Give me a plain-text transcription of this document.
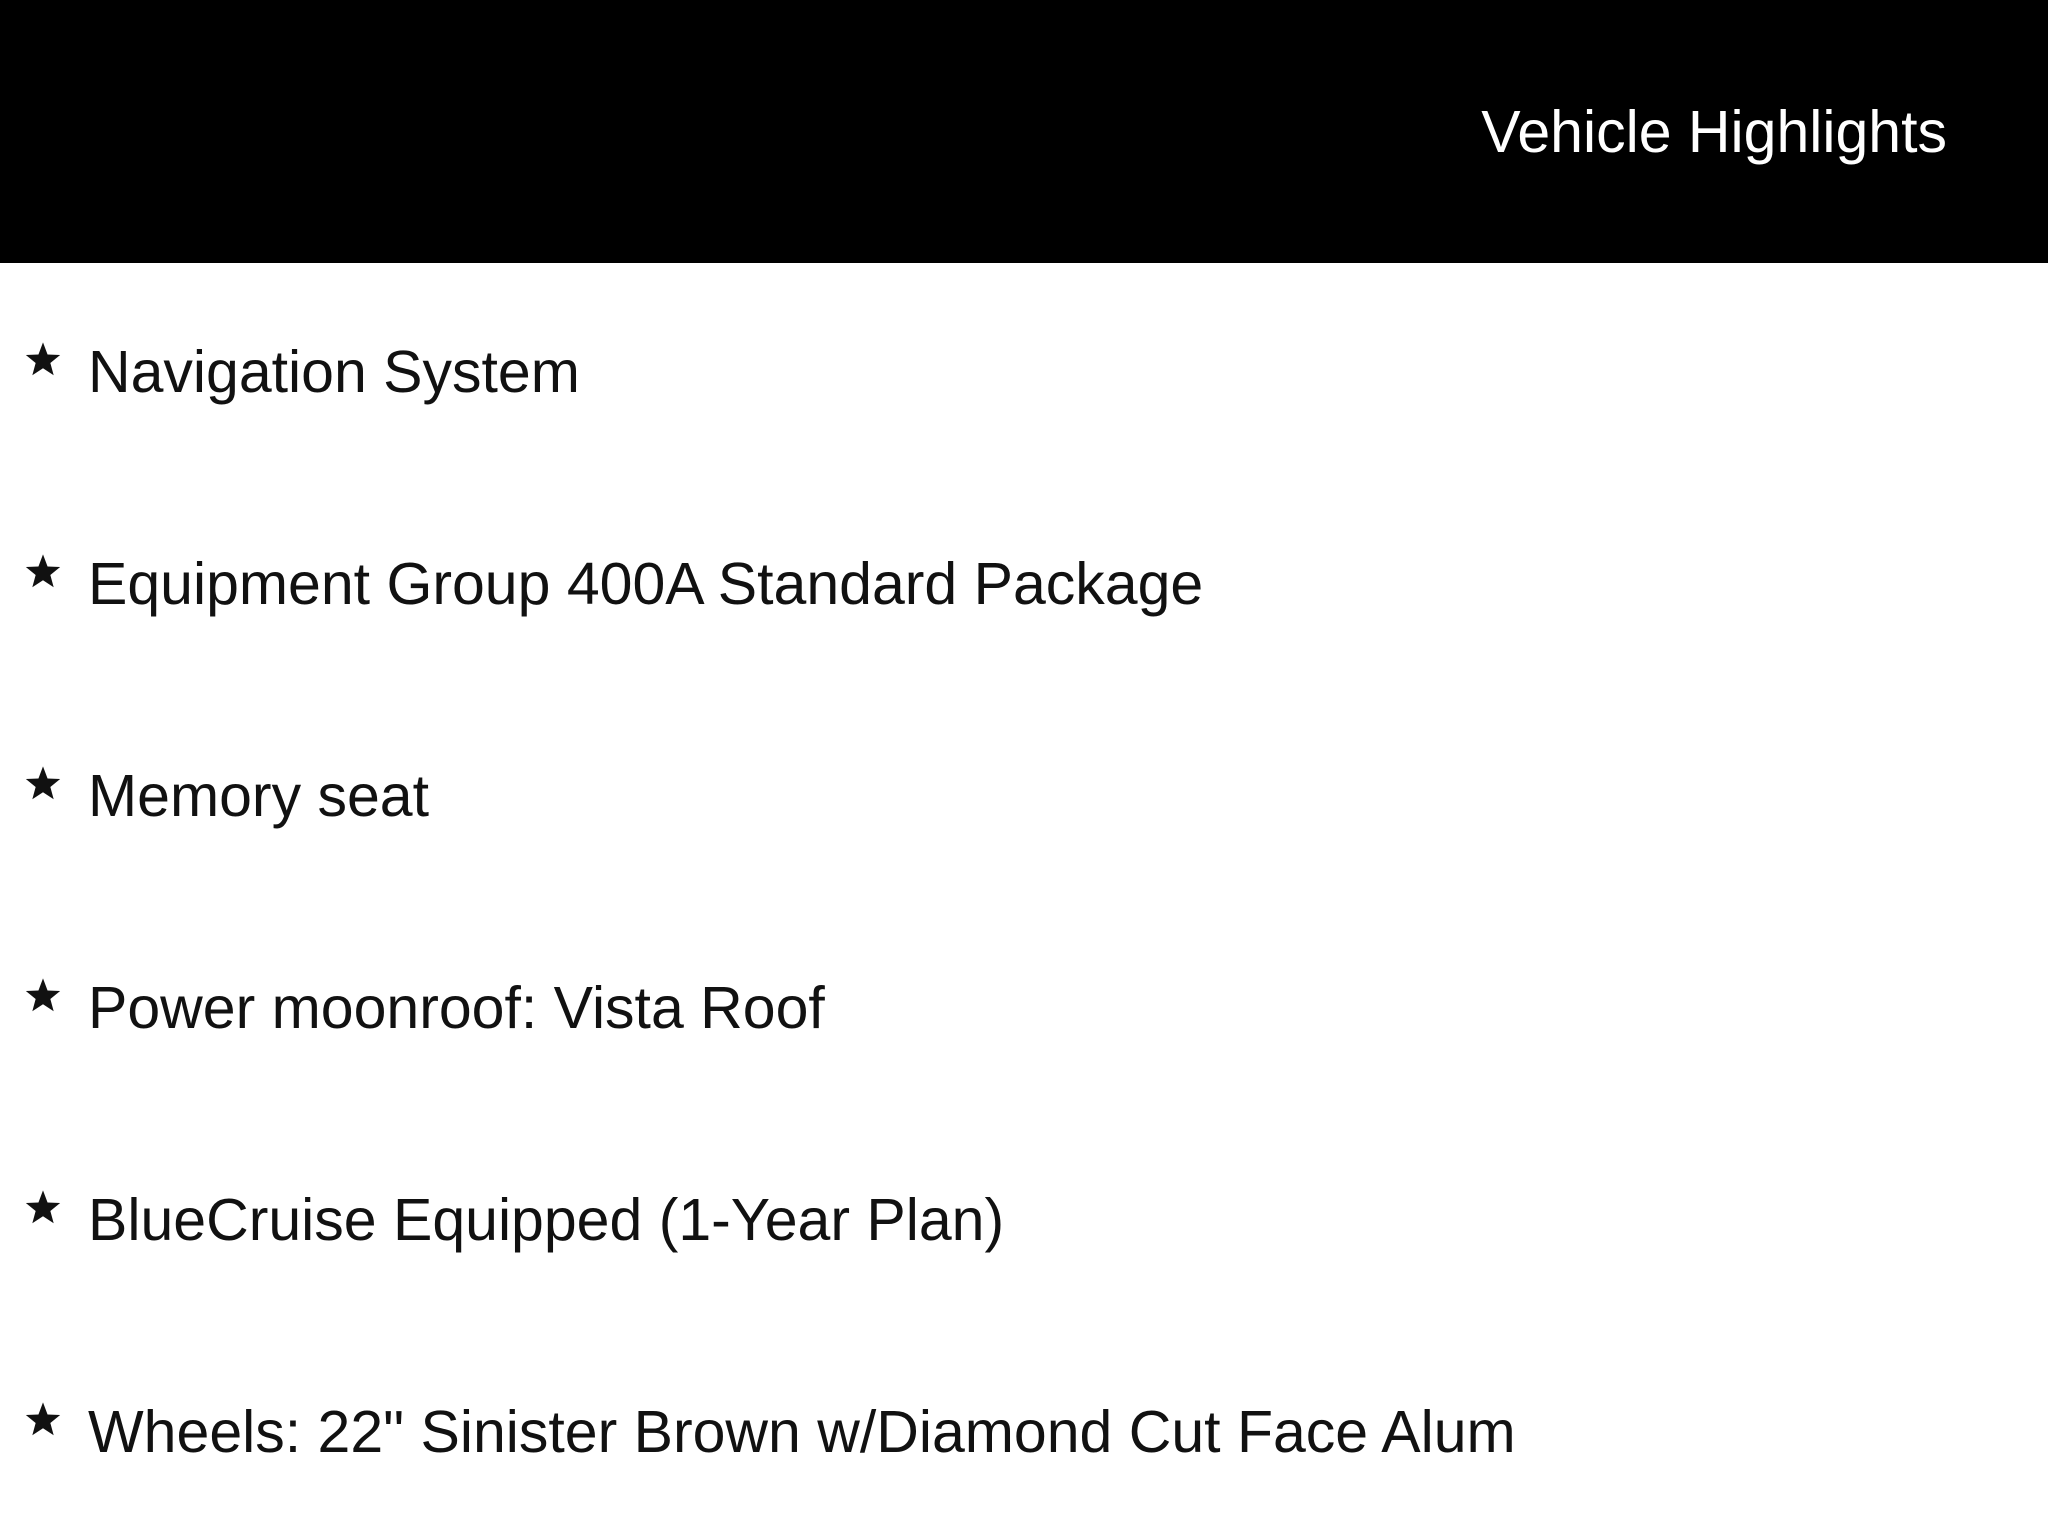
Vehicle Highlights
Navigation System
Equipment Group 400A Standard Package
Memory seat
Power moonroof: Vista Roof
BlueCruise Equipped (1-Year Plan)
Wheels: 22" Sinister Brown w/Diamond Cut Face Alum
